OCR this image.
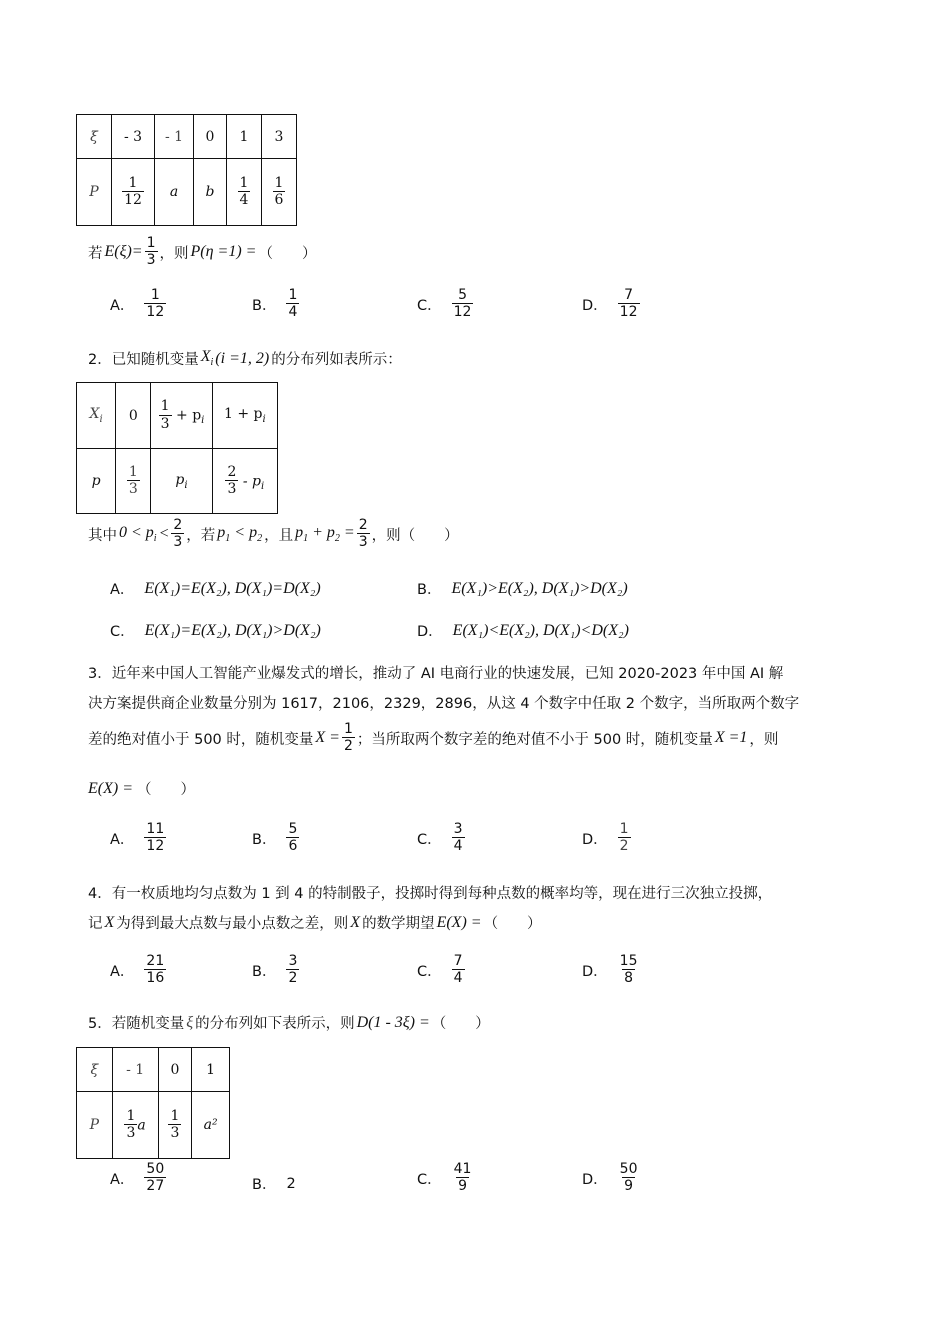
ξ	- 3	- 1	0	1	3
P	$\frac{1}{12}$	a	b	$\frac{1}{4}$	$\frac{1}{6}$
若 $E(\xi)= \frac{1}{3}$ ，则 P(η =1) = （　　）
A． $\frac{1}{12}$	B． $\frac{1}{4}$	C． $\frac{5}{12}$	D． $\frac{7}{12}$
2．已知随机变量 $X_i$ (i =1, 2) 的分布列如表所示：
$X_i$	0	$\frac{1}{3} + p_i$	$1 + p_i$
p	$\frac{1}{3}$	$p_i$	$\frac{2}{3} - p_i$
其中 $0 < p_i < \frac{2}{3}$ ，若 $p_1 < p_2$ ，且 $p_1 + p_2 = \frac{2}{3}$ ，则（　　）
A． E(X₁)=E(X₂), D(X₁)=D(X₂)	B． E(X₁)>E(X₂), D(X₁)>D(X₂)
C． E(X₁)=E(X₂), D(X₁)>D(X₂)	D． E(X₁)<E(X₂), D(X₁)<D(X₂)
3．近年来中国人工智能产业爆发式的增长，推动了 AI 电商行业的快速发展，已知 2020-2023 年中国 AI 解
决方案提供商企业数量分别为 1617，2106，2329，2896，从这 4 个数字中任取 2 个数字，当所取两个数字
差的绝对值小于 500 时，随机变量 $X = \frac{1}{2}$ ；当所取两个数字差的绝对值不小于 500 时，随机变量 X =1 ，则
E(X) = （　　）
A． $\frac{11}{12}$	B． $\frac{5}{6}$	C． $\frac{3}{4}$	D． $\frac{1}{2}$
4．有一枚质地均匀点数为 1 到 4 的特制骰子，投掷时得到每种点数的概率均等，现在进行三次独立投掷，
记 X 为得到最大点数与最小点数之差，则 X 的数学期望 E(X) = （　　）
A． $\frac{21}{16}$	B． $\frac{3}{2}$	C． $\frac{7}{4}$	D． $\frac{15}{8}$
5．若随机变量 ξ 的分布列如下表所示，则 D(1 - 3ξ) = （　　）
ξ	- 1	0	1
P	$\frac{1}{3}$ a	$\frac{1}{3}$	a²
A． $\frac{50}{27}$	B． 2	C． $\frac{41}{9}$	D． $\frac{50}{9}$
